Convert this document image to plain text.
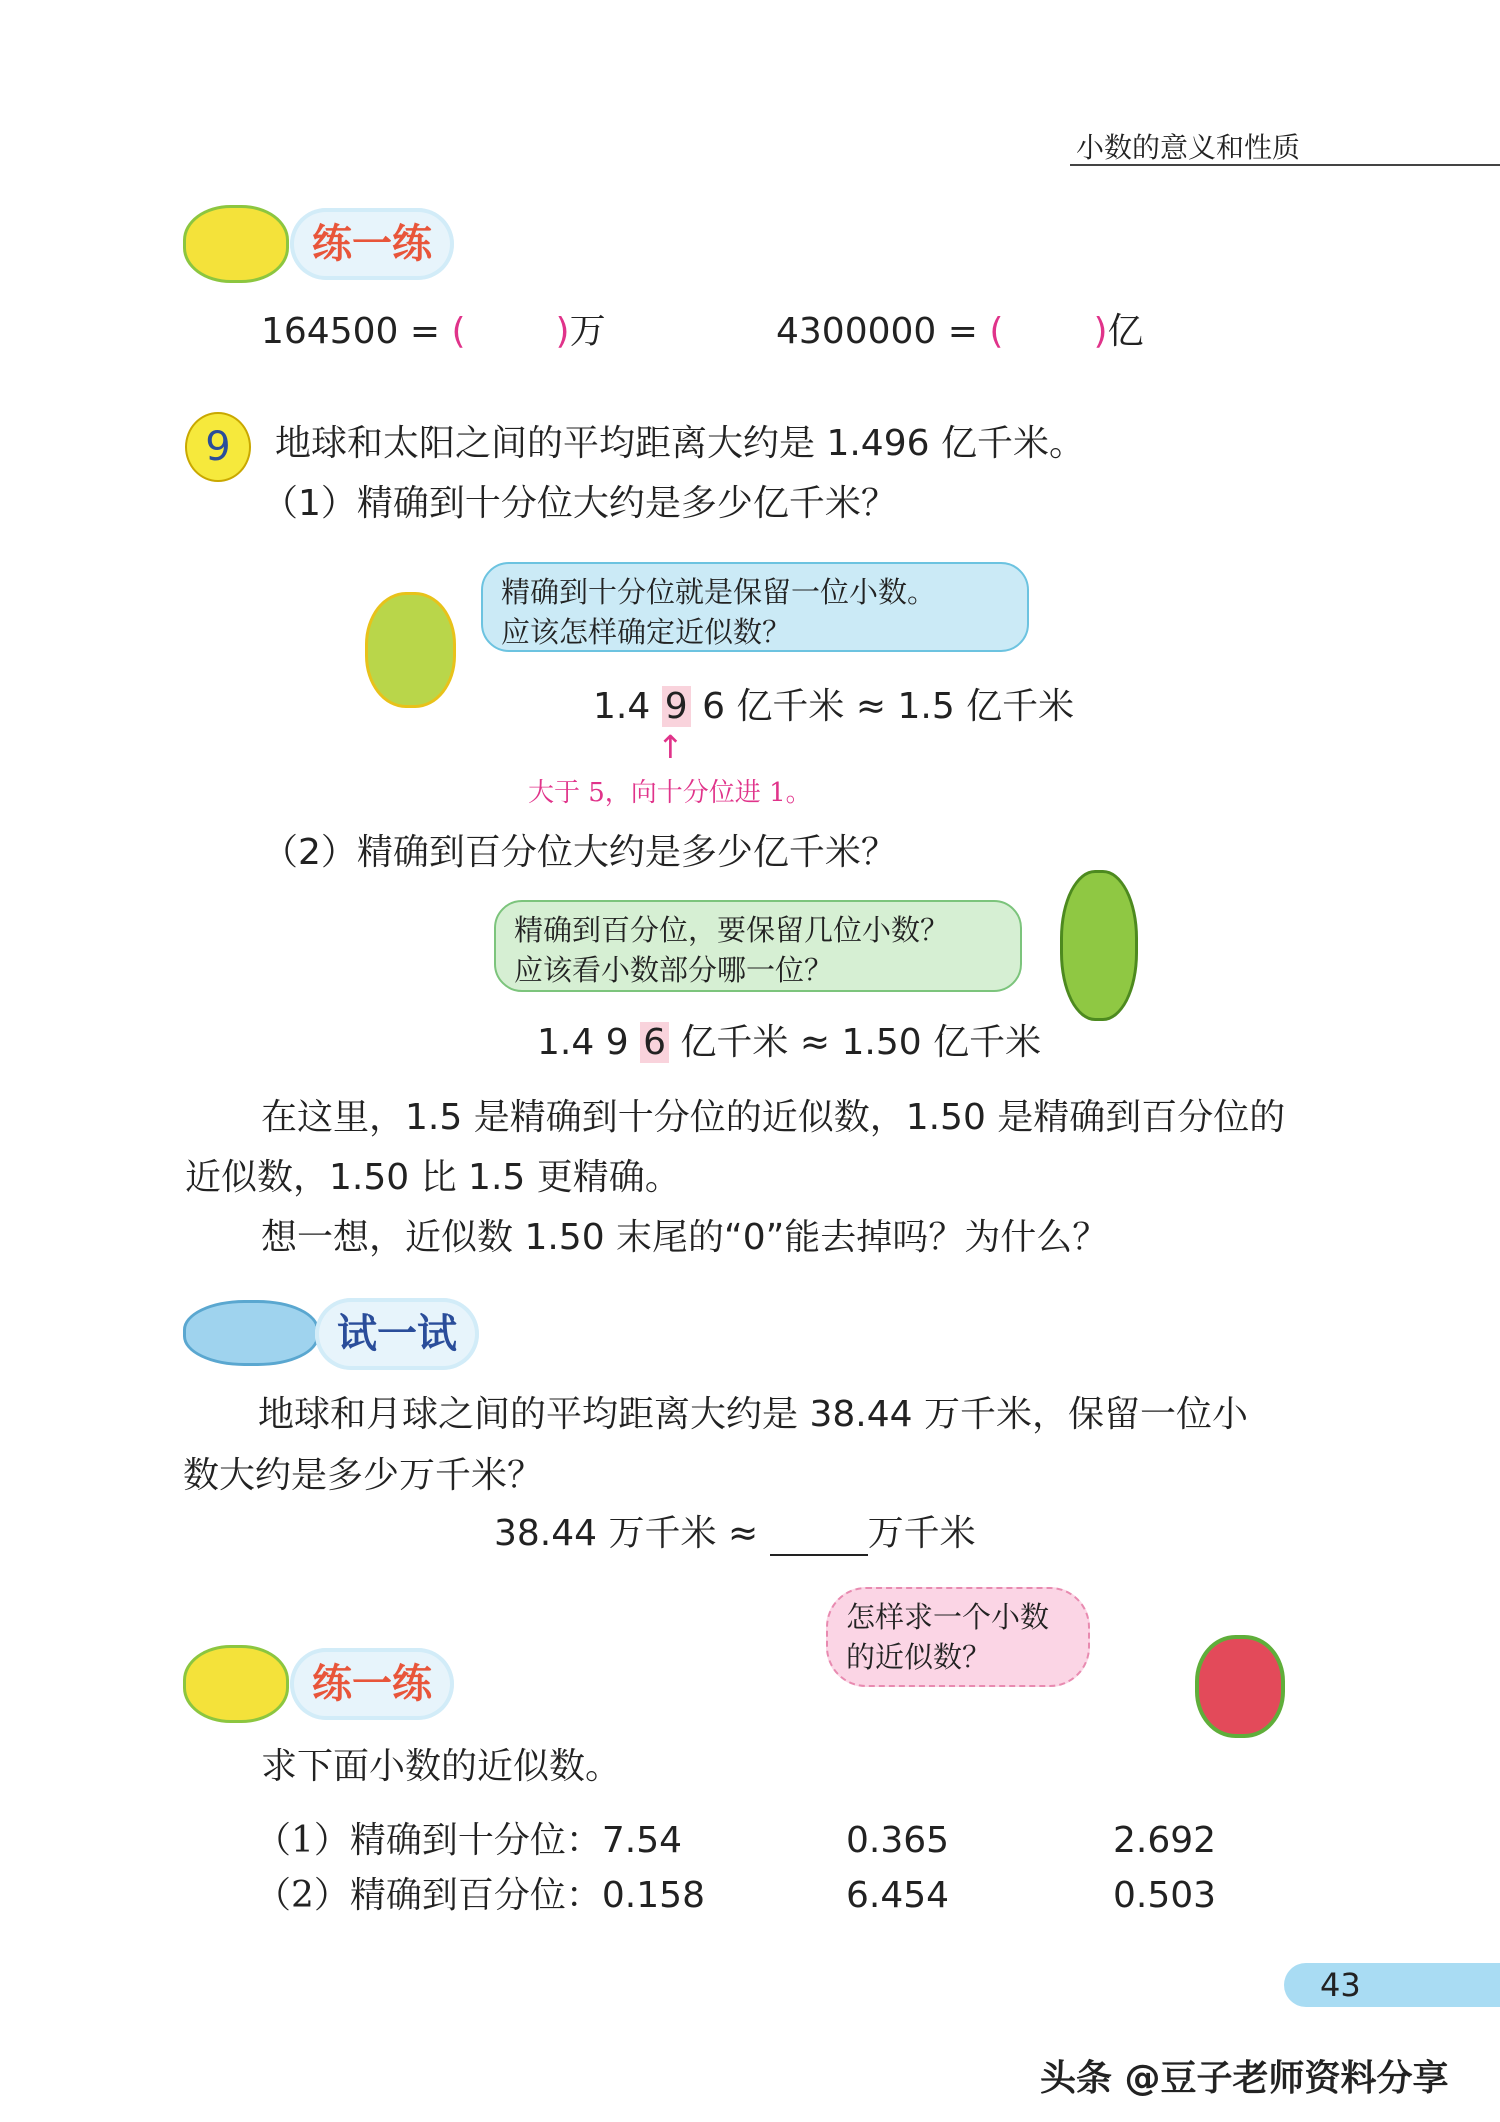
小数的意义和性质
练一练
164500 = (	)万	4300000 = (	)亿
9	地球和太阳之间的平均距离大约是 1.496 亿千米。
（1）精确到十分位大约是多少亿千米？
精确到十分位就是保留一位小数。
应该怎样确定近似数？
1.4 9 6 亿千米 ≈ 1.5 亿千米
↑
大于 5，向十分位进 1。
（2）精确到百分位大约是多少亿千米？
精确到百分位，要保留几位小数？
应该看小数部分哪一位？
1.4 9 6 亿千米 ≈ 1.50 亿千米
在这里，1.5 是精确到十分位的近似数，1.50 是精确到百分位的
近似数，1.50 比 1.5 更精确。
想一想，近似数 1.50 末尾的“0”能去掉吗？为什么？
试一试
地球和月球之间的平均距离大约是 38.44 万千米，保留一位小
数大约是多少万千米？
38.44 万千米 ≈	万千米
怎样求一个小数
的近似数？
练一练
求下面小数的近似数。
（1）精确到十分位：7.54	0.365	2.692
（2）精确到百分位：0.158	6.454	0.503
43
头条 @豆子老师资料分享
